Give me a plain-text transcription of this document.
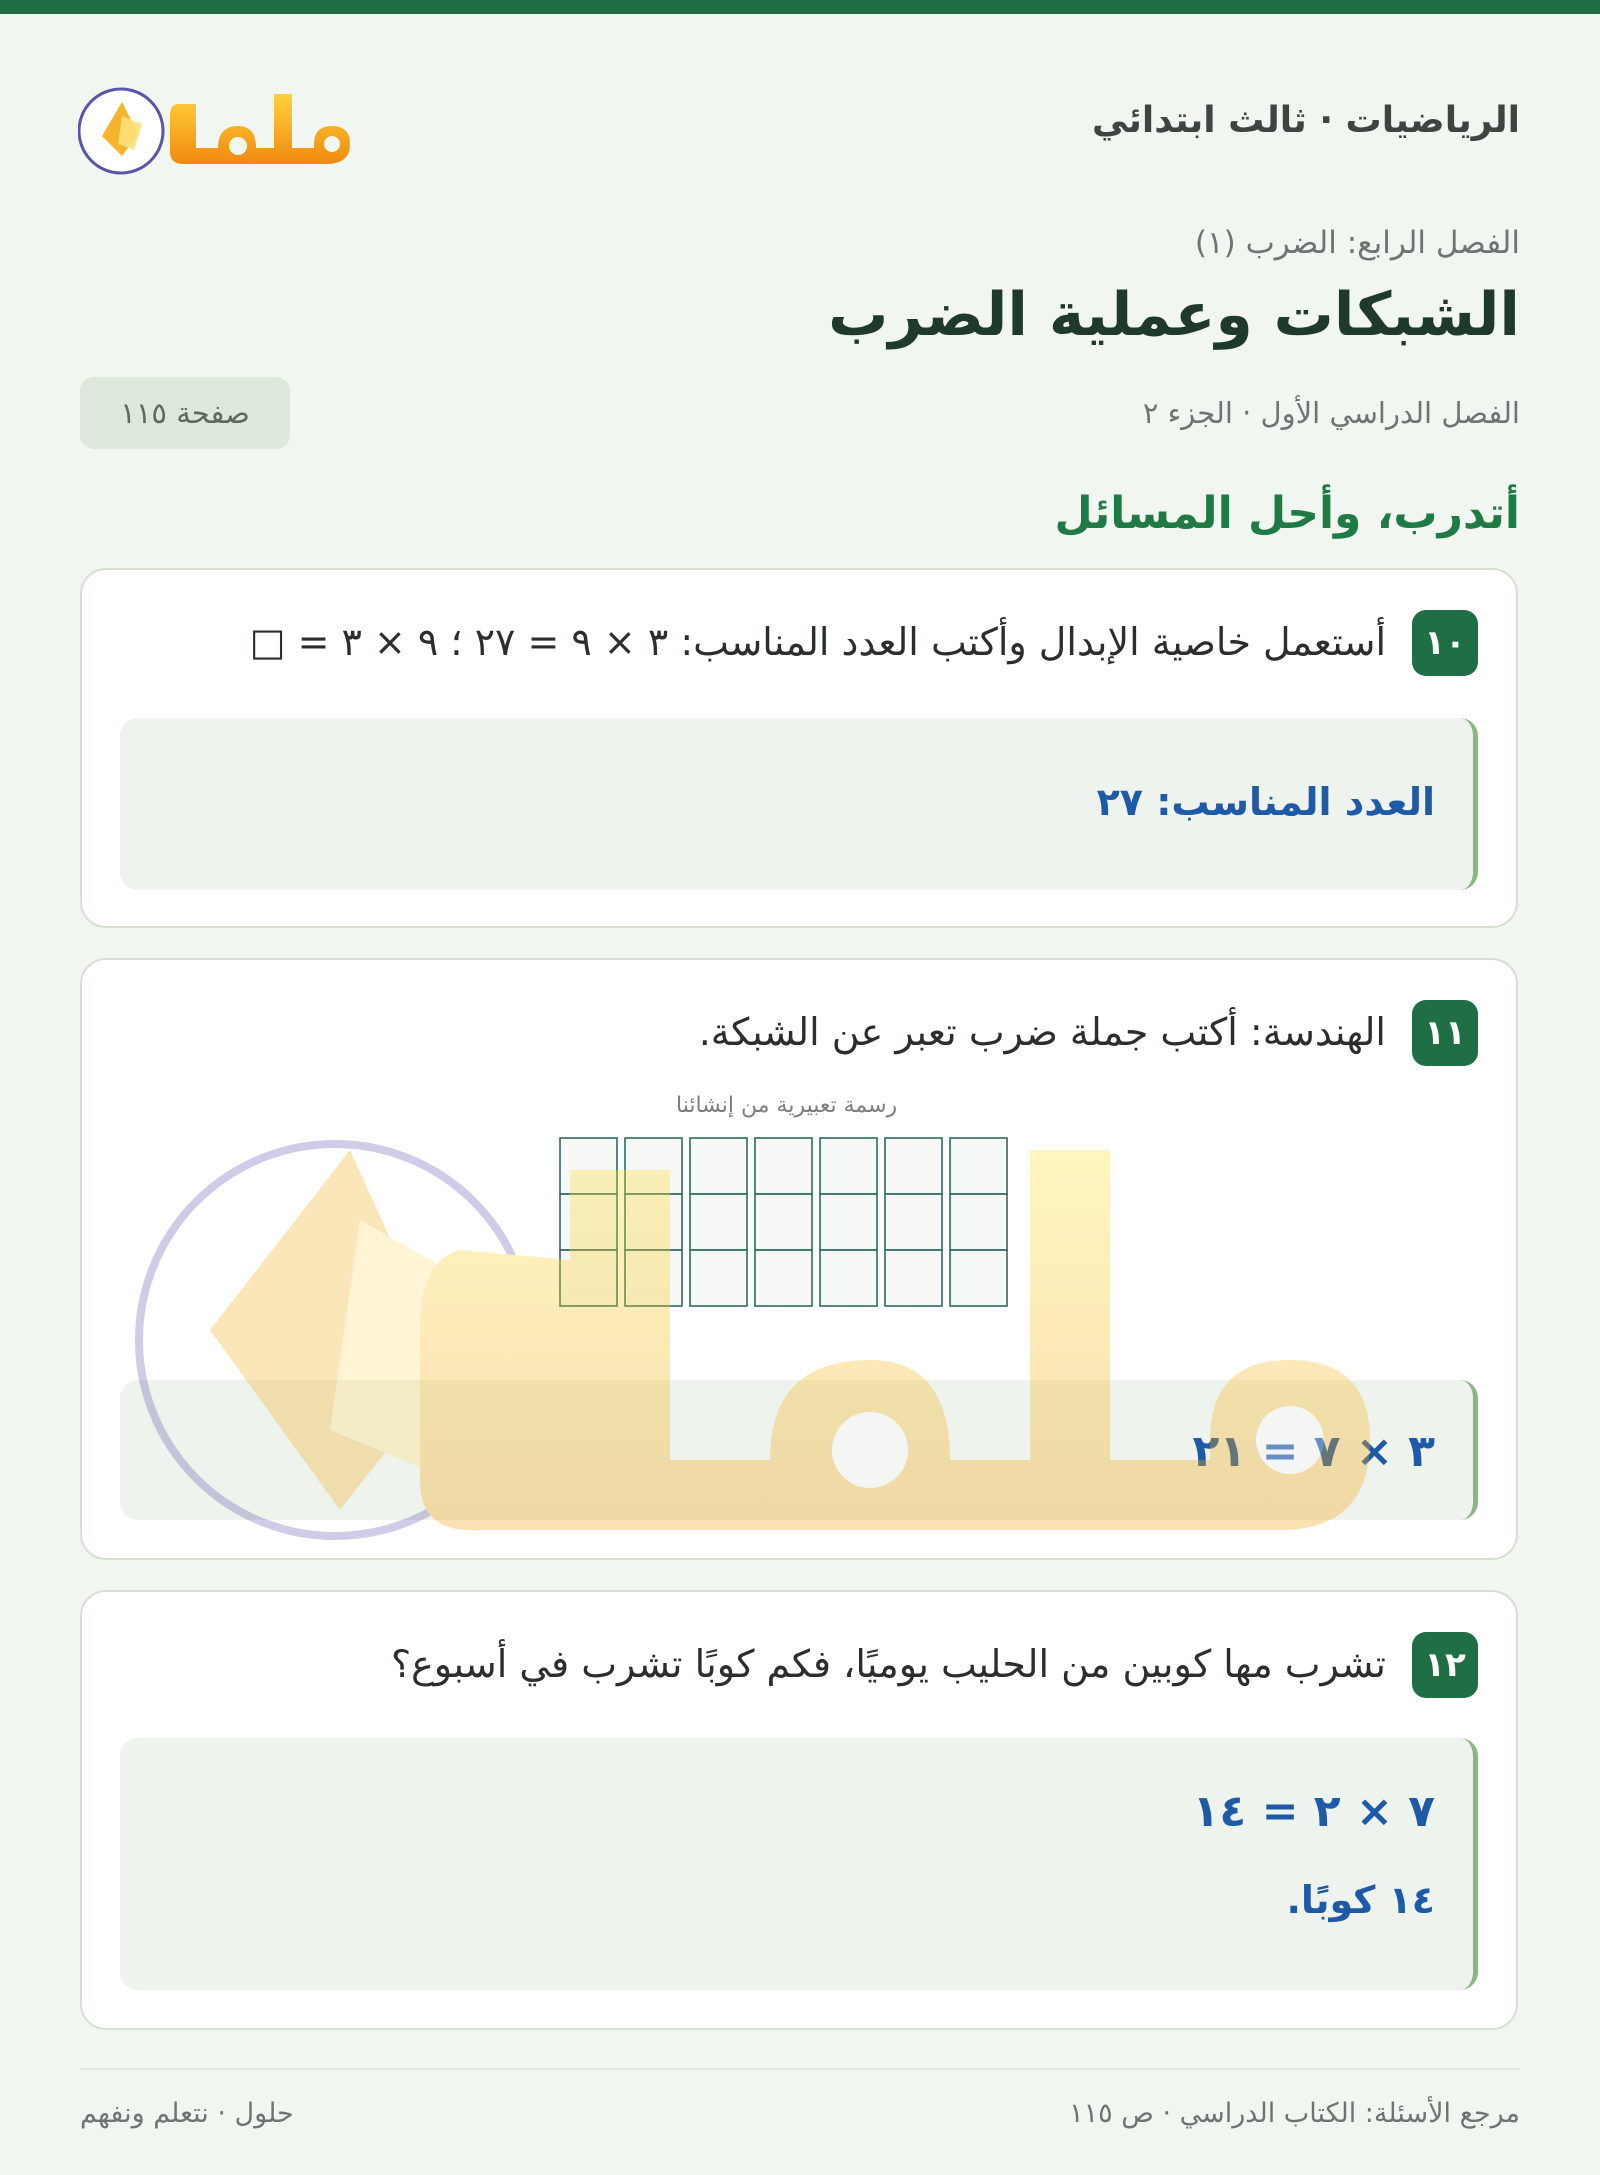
الرياضيات · ثالث ابتدائي
الفصل الرابع: الضرب (١)
الشبكات وعملية الضرب
الفصل الدراسي الأول · الجزء ٢
صفحة ١١٥
أتدرب، وأحل المسائل
١٠
أستعمل خاصية الإبدال وأكتب العدد المناسب: ٣ × ٩ = ٢٧ ؛ ٩ × ٣ = □
العدد المناسب: ٢٧
١١
الهندسة: أكتب جملة ضرب تعبر عن الشبكة.
٣ × ٧ = ٢١
رسمة تعبيرية من إنشائنا
١٢
تشرب مها كوبين من الحليب يوميًا، فكم كوبًا تشرب في أسبوع؟
٧ × ٢ = ١٤
١٤ كوبًا.
حلول · نتعلم ونفهم	مرجع الأسئلة: الكتاب الدراسي · ص ١١٥
